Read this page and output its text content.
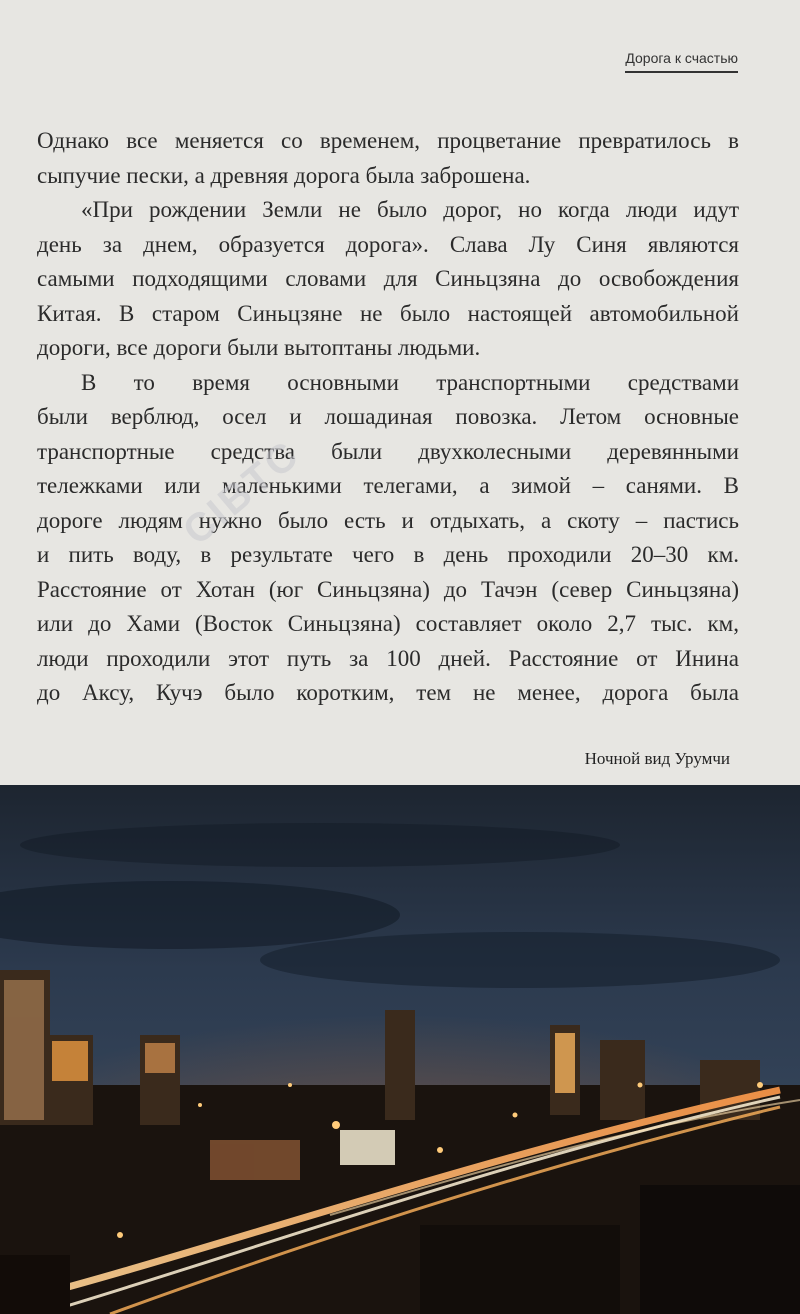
Дорога к счастью

Однако все меняется со временем, процветание превратилось в
сыпучие пески, а древняя дорога была заброшена.

«При рождении Земли не было дорог, но когда люди идут
день за днем, образуется дорога». Слава Лу Синя являются
самыми подходящими словами для Синьцзяна до освобождения
Китая. В старом Синьцзяне не было настоящей автомобильной
дороги, все дороги были вытоптаны людьми.

В то время основными транспортными средствами
были верблюд, осел и лошадиная повозка. Летом основные
транспортные средства были двухколесными деревянными
тележками или маленькими телегами, а зимой – санями. В
дороге людям нужно было есть и отдыхать, а скоту – пастись
и пить воду, в результате чего в день проходили 20–30 км.
Расстояние от Хотан (юг Синьцзяна) до Тачэн (север Синьцзяна)
или до Хами (Восток Синьцзяна) составляет около 2,7 тыс. км,
люди проходили этот путь за 100 дней. Расстояние от Инина
до Аксу, Кучэ было коротким, тем не менее, дорога была

Ночной вид Урумчи
CIBTC
